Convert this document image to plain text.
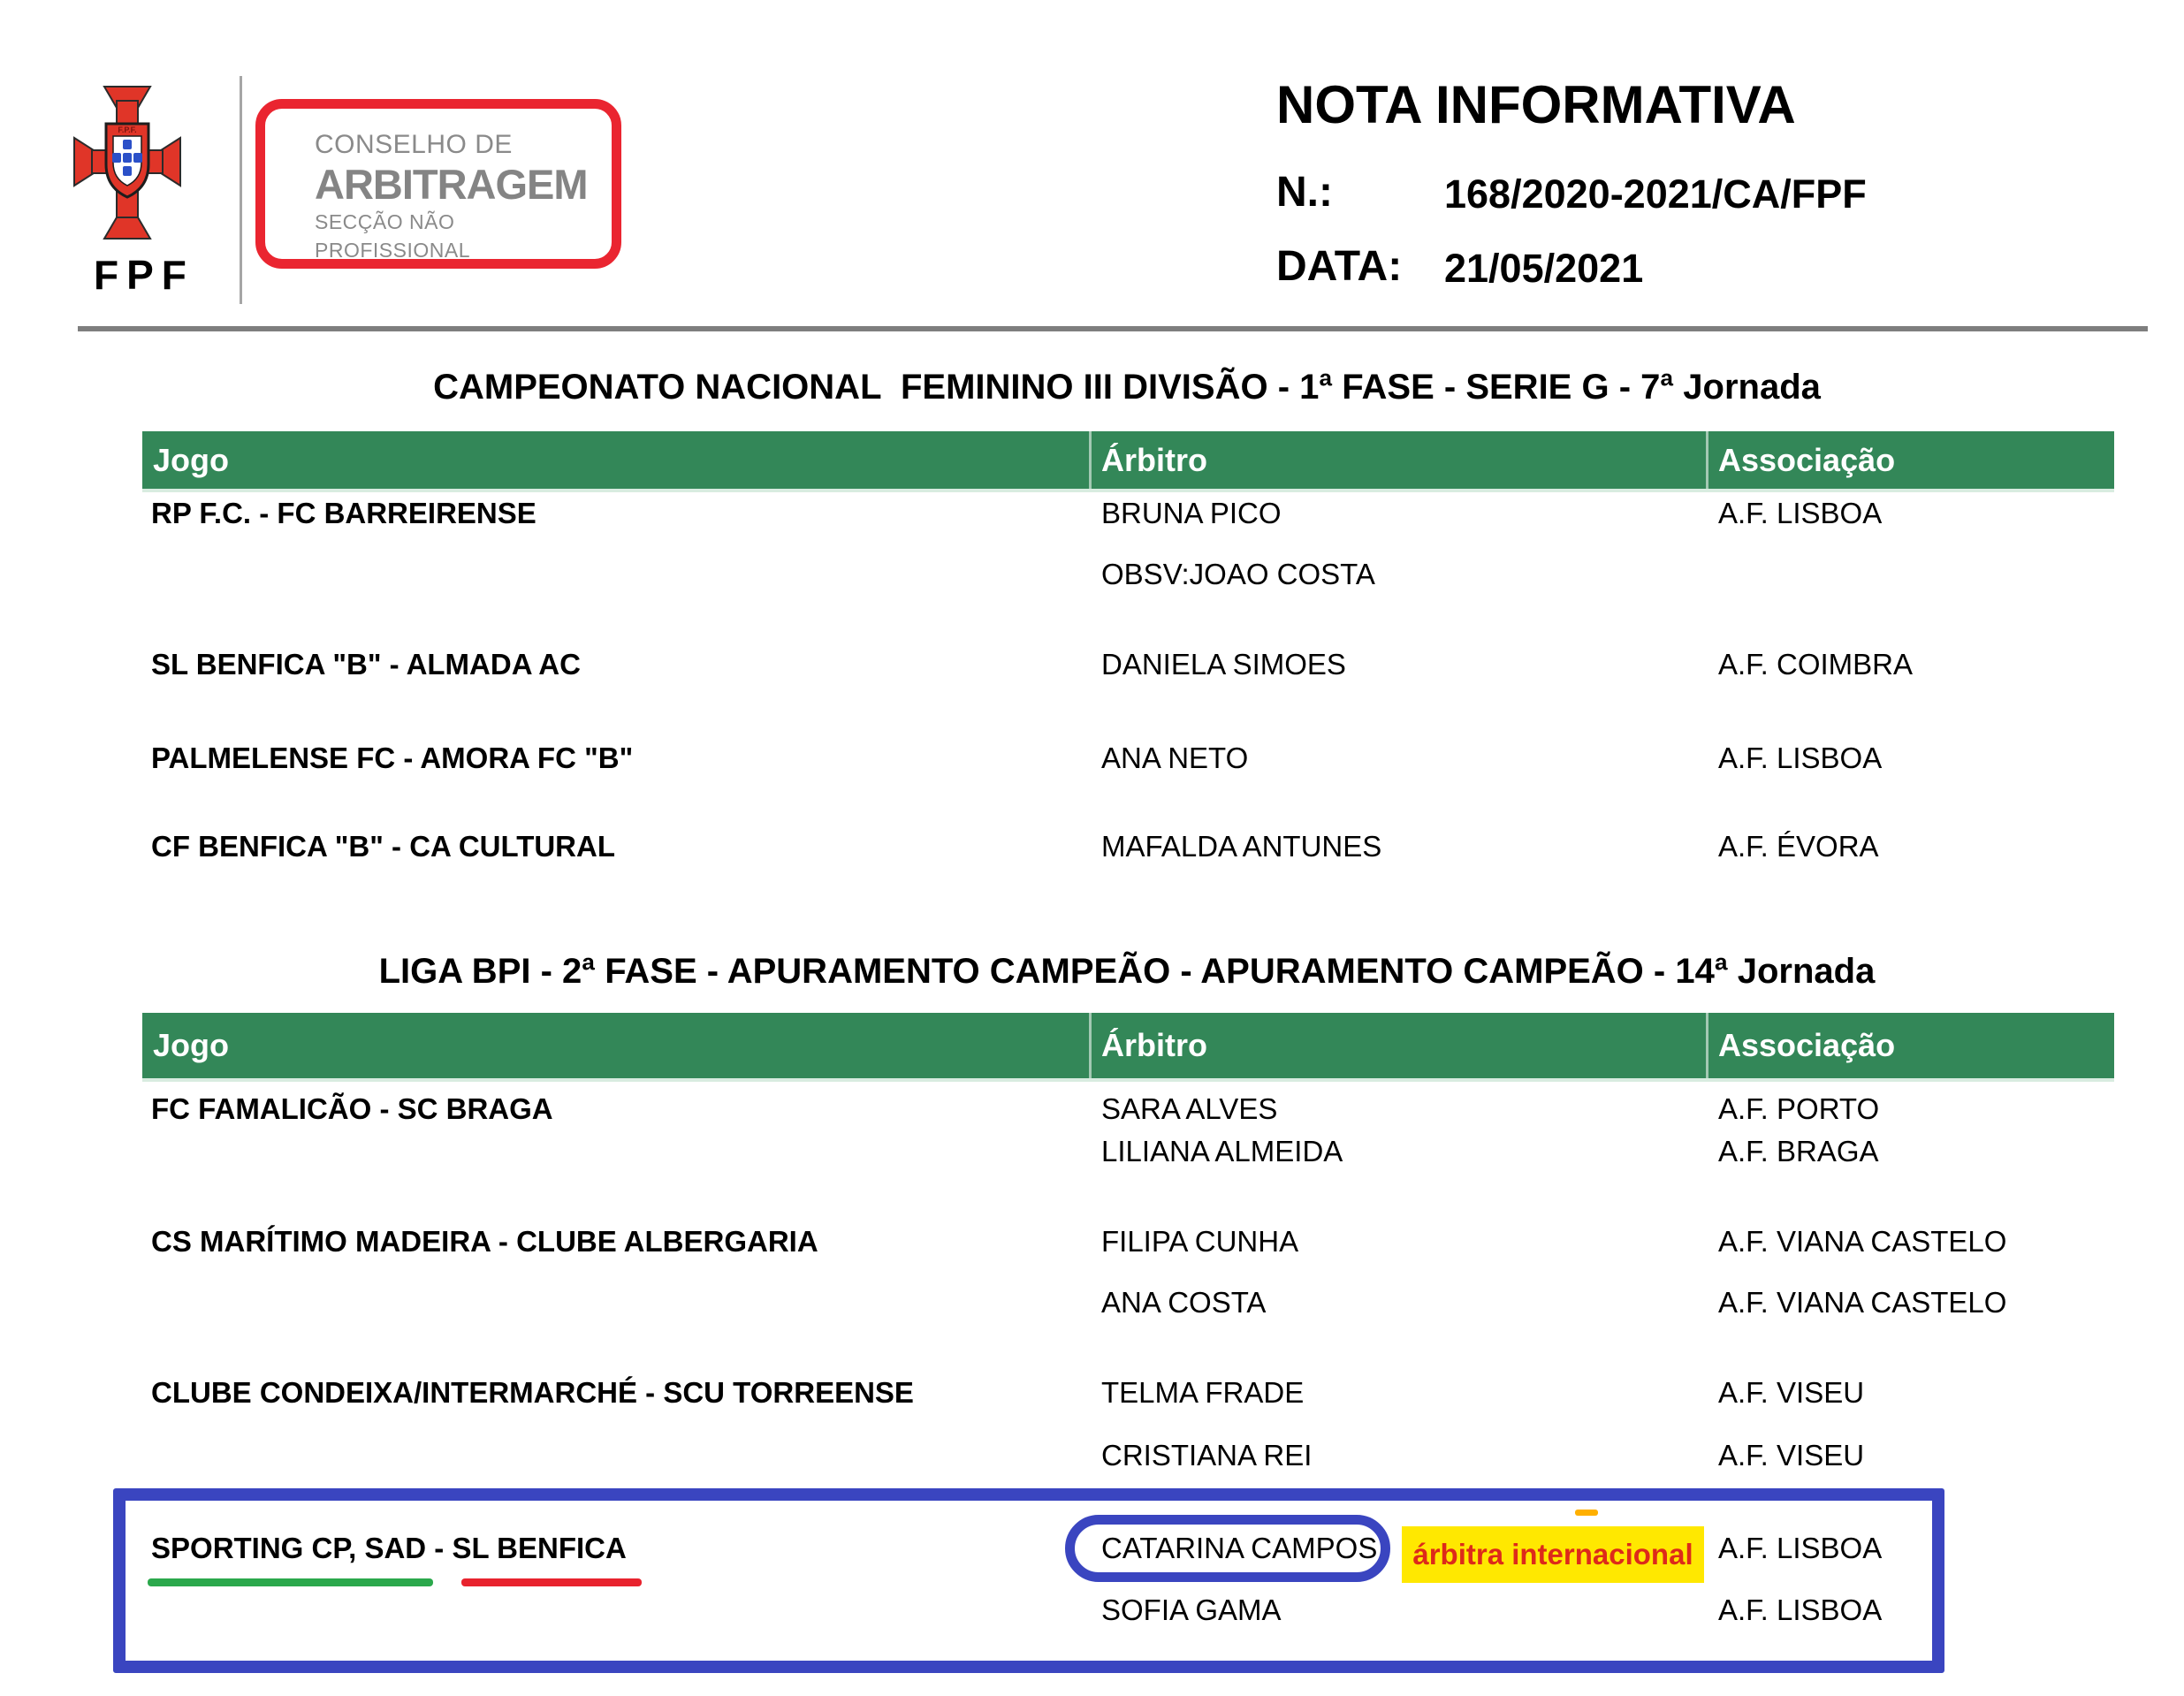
F.P.F.
FPF
CONSELHO DE
ARBITRAGEM
SECÇÃO NÃO PROFISSIONAL
NOTA INFORMATIVA
N.:	168/2020-2021/CA/FPF
DATA: 21/05/2021
CAMPEONATO NACIONAL  FEMININO III DIVISÃO - 1ª FASE - SERIE G - 7ª Jornada
Jogo	Árbitro	Associação
RP F.C. - FC BARREIRENSE	BRUNA PICO	A.F. LISBOA
OBSV:JOAO COSTA
SL BENFICA "B" - ALMADA AC	DANIELA SIMOES	A.F. COIMBRA
PALMELENSE FC - AMORA FC "B"	ANA NETO	A.F. LISBOA
CF BENFICA "B" - CA CULTURAL	MAFALDA ANTUNES	A.F. ÉVORA
LIGA BPI - 2ª FASE - APURAMENTO CAMPEÃO - APURAMENTO CAMPEÃO - 14ª Jornada
Jogo	Árbitro	Associação
FC FAMALICÃO - SC BRAGA	SARA ALVES	A.F. PORTO
LILIANA ALMEIDA	A.F. BRAGA
CS MARÍTIMO MADEIRA - CLUBE ALBERGARIA	FILIPA CUNHA	A.F. VIANA CASTELO
ANA COSTA	A.F. VIANA CASTELO
CLUBE CONDEIXA/INTERMARCHÉ - SCU TORREENSE	TELMA FRADE	A.F. VISEU
CRISTIANA REI	A.F. VISEU
SPORTING CP, SAD - SL BENFICA	CATARINA CAMPOS	A.F. LISBOA
SOFIA GAMA	A.F. LISBOA
árbitra internacional
